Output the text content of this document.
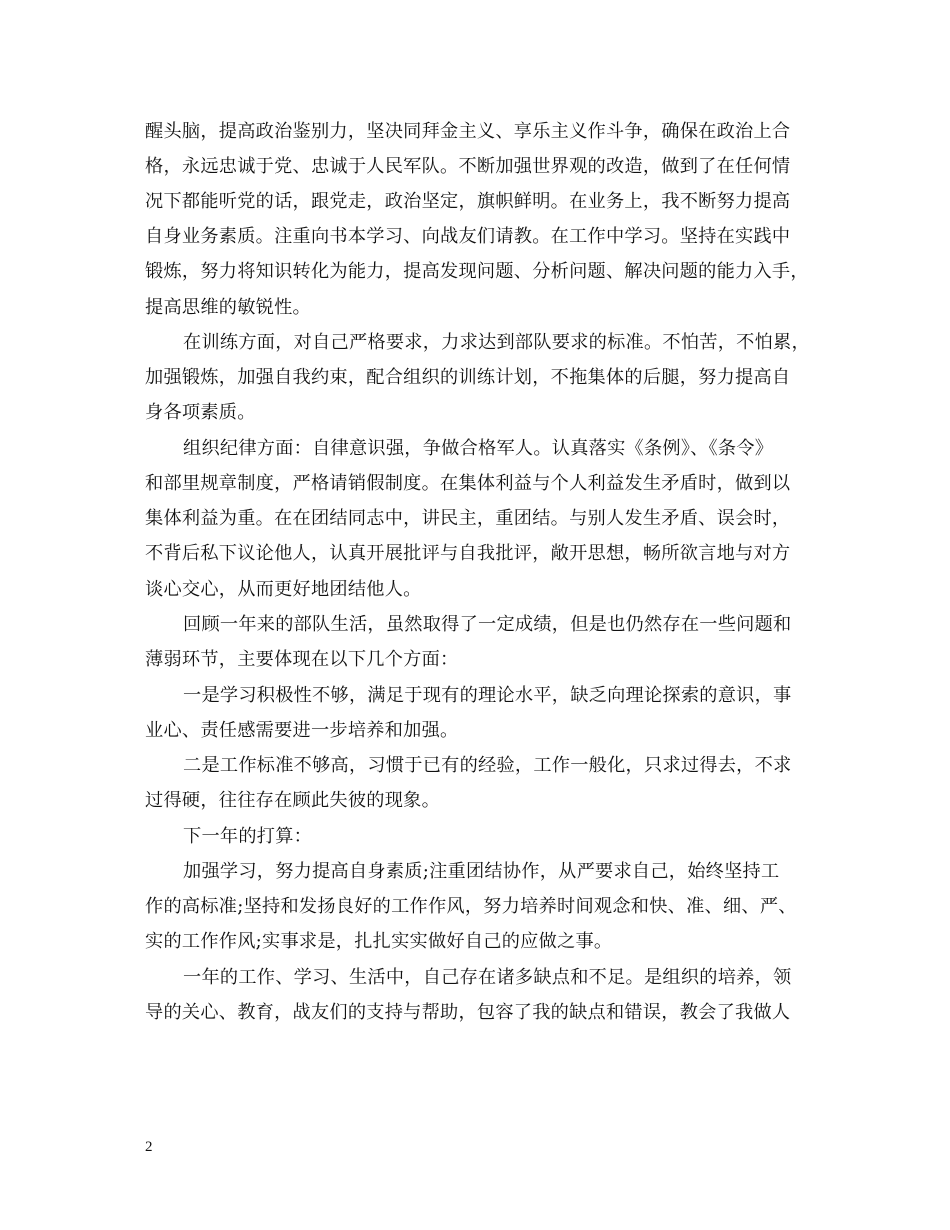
醒头脑，提高政治鉴别力，坚决同拜金主义、享乐主义作斗争，确保在政治上合
格，永远忠诚于党、忠诚于人民军队。不断加强世界观的改造，做到了在任何情
况下都能听党的话，跟党走，政治坚定，旗帜鲜明。在业务上，我不断努力提高
自身业务素质。注重向书本学习、向战友们请教。在工作中学习。坚持在实践中
锻炼，努力将知识转化为能力，提高发现问题、分析问题、解决问题的能力入手，
提高思维的敏锐性。
在训练方面，对自己严格要求，力求达到部队要求的标准。不怕苦，不怕累，
加强锻炼，加强自我约束，配合组织的训练计划，不拖集体的后腿，努力提高自
身各项素质。
组织纪律方面：自律意识强，争做合格军人。认真落实《条例》、《条令》
和部里规章制度，严格请销假制度。在集体利益与个人利益发生矛盾时，做到以
集体利益为重。在在团结同志中，讲民主，重团结。与别人发生矛盾、误会时，
不背后私下议论他人，认真开展批评与自我批评，敞开思想，畅所欲言地与对方
谈心交心，从而更好地团结他人。
回顾一年来的部队生活，虽然取得了一定成绩，但是也仍然存在一些问题和
薄弱环节，主要体现在以下几个方面：
一是学习积极性不够，满足于现有的理论水平，缺乏向理论探索的意识，事
业心、责任感需要进一步培养和加强。
二是工作标准不够高，习惯于已有的经验，工作一般化，只求过得去，不求
过得硬，往往存在顾此失彼的现象。
下一年的打算：
加强学习，努力提高自身素质;注重团结协作，从严要求自己，始终坚持工
作的高标准;坚持和发扬良好的工作作风，努力培养时间观念和快、准、细、严、
实的工作作风;实事求是，扎扎实实做好自己的应做之事。
一年的工作、学习、生活中，自己存在诸多缺点和不足。是组织的培养，领
导的关心、教育，战友们的支持与帮助，包容了我的缺点和错误，教会了我做人
2
